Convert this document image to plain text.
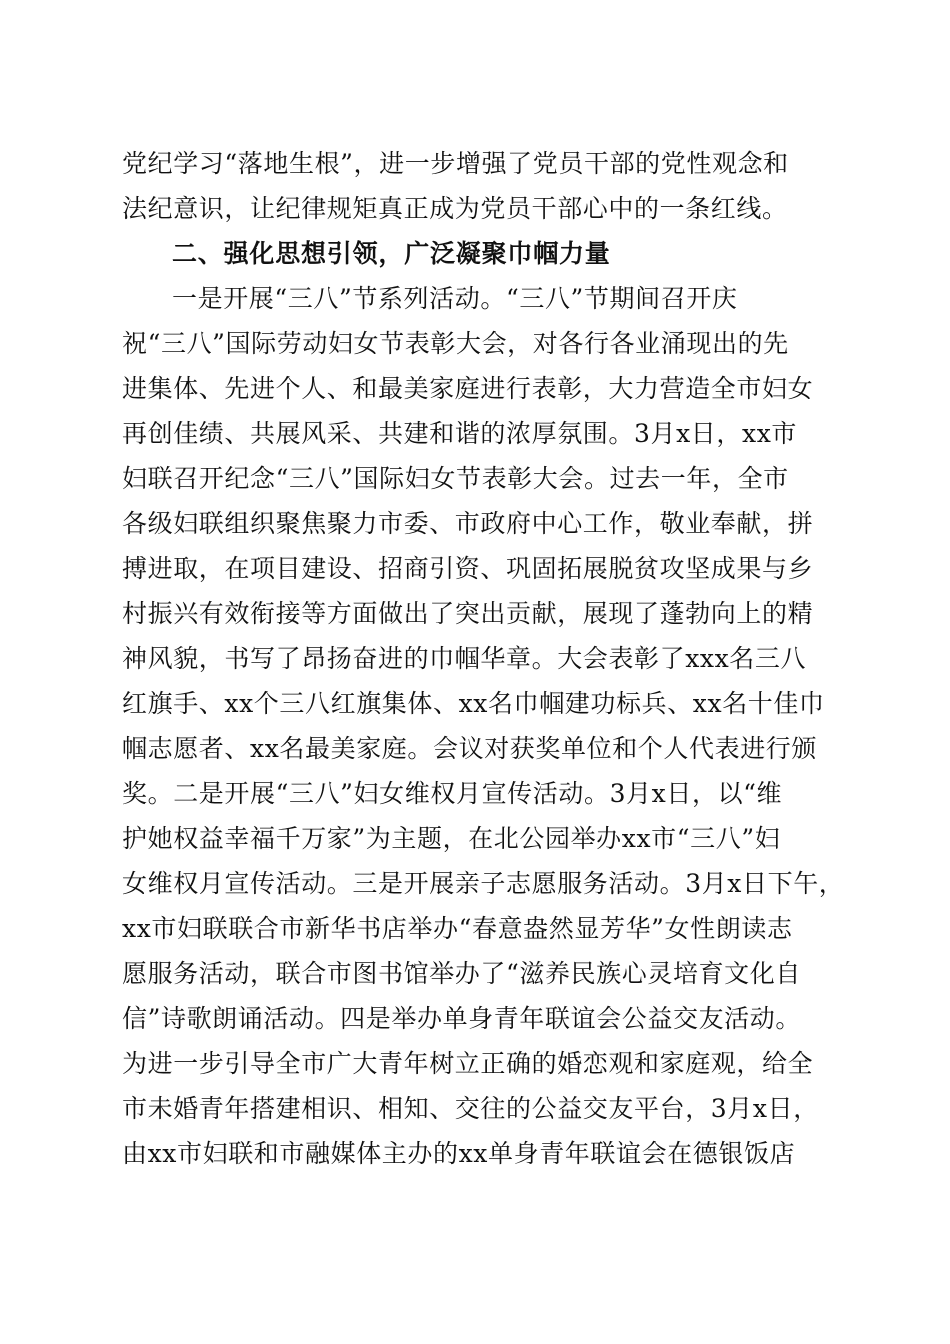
党纪学习“落地生根”，进一步增强了党员干部的党性观念和
法纪意识，让纪律规矩真正成为党员干部心中的一条红线。
二、强化思想引领，广泛凝聚巾帼力量
一是开展“三八”节系列活动。“三八”节期间召开庆
祝“三八”国际劳动妇女节表彰大会，对各行各业涌现出的先
进集体、先进个人、和最美家庭进行表彰，大力营造全市妇女
再创佳绩、共展风采、共建和谐的浓厚氛围。3月x日，xx市
妇联召开纪念“三八”国际妇女节表彰大会。过去一年，全市
各级妇联组织聚焦聚力市委、市政府中心工作，敬业奉献，拼
搏进取，在项目建设、招商引资、巩固拓展脱贫攻坚成果与乡
村振兴有效衔接等方面做出了突出贡献，展现了蓬勃向上的精
神风貌，书写了昂扬奋进的巾帼华章。大会表彰了xxx名三八
红旗手、xx个三八红旗集体、xx名巾帼建功标兵、xx名十佳巾
帼志愿者、xx名最美家庭。会议对获奖单位和个人代表进行颁
奖。二是开展“三八”妇女维权月宣传活动。3月x日，以“维
护她权益幸福千万家”为主题，在北公园举办xx市“三八”妇
女维权月宣传活动。三是开展亲子志愿服务活动。3月x日下午，
xx市妇联联合市新华书店举办“春意盎然显芳华”女性朗读志
愿服务活动，联合市图书馆举办了“滋养民族心灵培育文化自
信”诗歌朗诵活动。四是举办单身青年联谊会公益交友活动。
为进一步引导全市广大青年树立正确的婚恋观和家庭观，给全
市未婚青年搭建相识、相知、交往的公益交友平台，3月x日，
由xx市妇联和市融媒体主办的xx单身青年联谊会在德银饭店
